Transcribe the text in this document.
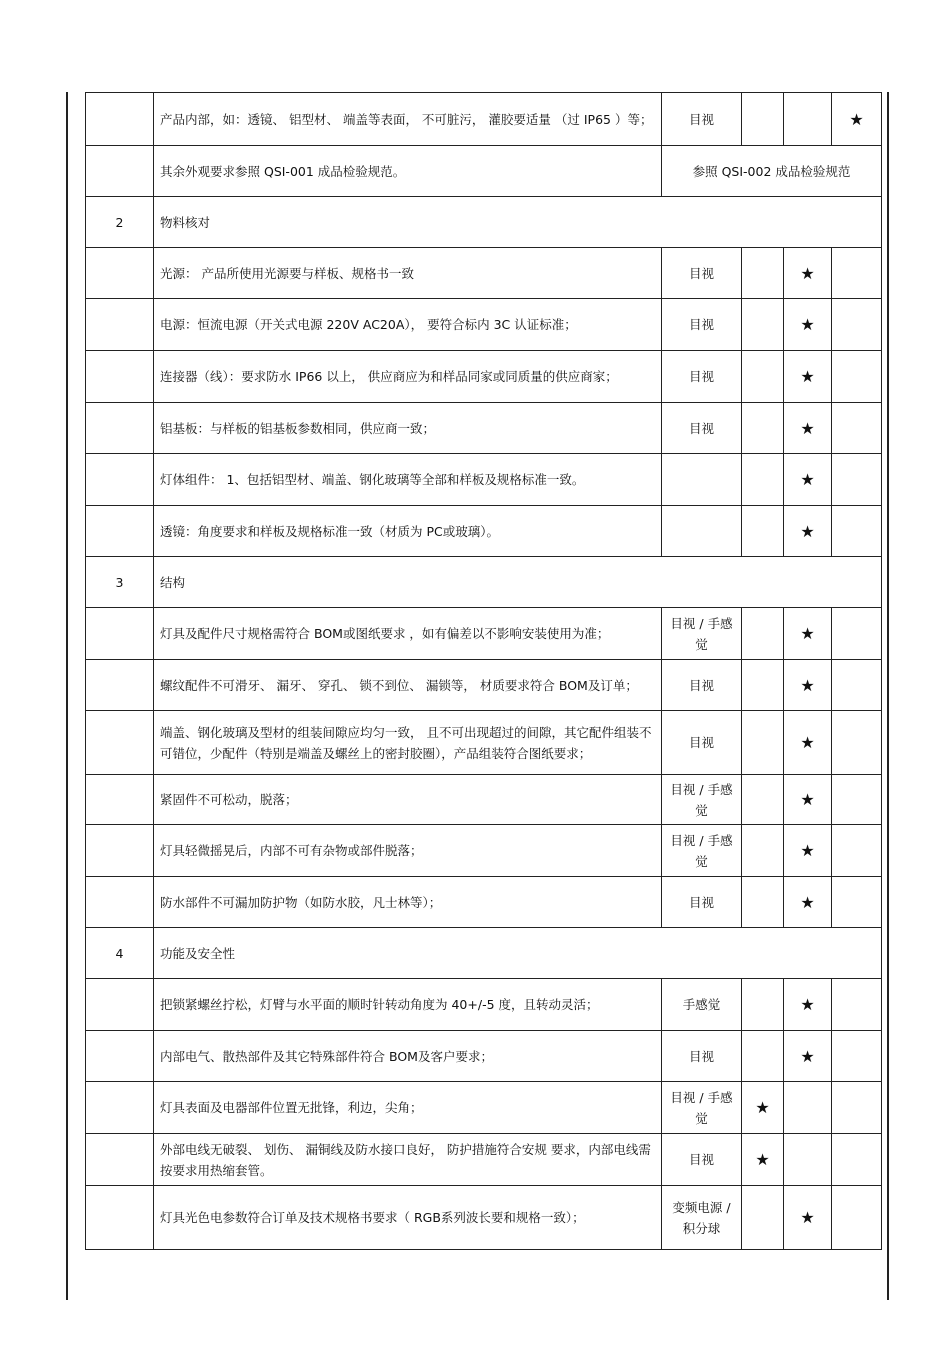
	产品内部，如：透镜、 铝型材、 端盖等表面， 不可脏污， 灌胶要适量 （过 IP65 ）等；	目视			★
	其余外观要求参照 QSI-001 成品检验规范。	参照 QSI-002 成品检验规范			
2	物料核对				
	光源： 产品所使用光源要与样板、规格书一致	目视		★	
	电源：恒流电源（开关式电源 220V AC20A）， 要符合标内 3C 认证标准；	目视		★	
	连接器（线）：要求防水 IP66 以上， 供应商应为和样品同家或同质量的供应商家；	目视		★	
	铝基板：与样板的铝基板参数相同，供应商一致；	目视		★	
	灯体组件： 1、包括铝型材、端盖、钢化玻璃等全部和样板及规格标准一致。			★	
	透镜：角度要求和样板及规格标准一致（材质为 PC或玻璃）。			★	
3	结构				
	灯具及配件尺寸规格需符合 BOM或图纸要求 ，如有偏差以不影响安装使用为准；	目视 / 手感觉		★	
	螺纹配件不可滑牙、 漏牙、 穿孔、 锁不到位、 漏锁等， 材质要求符合 BOM及订单；	目视		★	
	端盖、钢化玻璃及型材的组装间隙应均匀一致， 且不可出现超过的间隙，其它配件组装不可错位，少配件（特别是端盖及螺丝上的密封胶圈），产品组装符合图纸要求；	目视		★	
	紧固件不可松动，脱落；	目视 / 手感觉		★	
	灯具轻微摇晃后，内部不可有杂物或部件脱落；	目视 / 手感觉		★	
	防水部件不可漏加防护物（如防水胶，凡士林等）；	目视		★	
4	功能及安全性				
	把锁紧螺丝拧松，灯臂与水平面的顺时针转动角度为 40+/-5 度，且转动灵活；	手感觉		★	
	内部电气、散热部件及其它特殊部件符合 BOM及客户要求；	目视		★	
	灯具表面及电器部件位置无批锋，利边，尖角；	目视 / 手感觉	★		
	外部电线无破裂、 划伤、 漏铜线及防水接口良好， 防护措施符合安规 要求，内部电线需按要求用热缩套管。	目视	★		
	灯具光色电参数符合订单及技术规格书要求（ RGB系列波长要和规格一致）；	变频电源 / 积分球		★	
